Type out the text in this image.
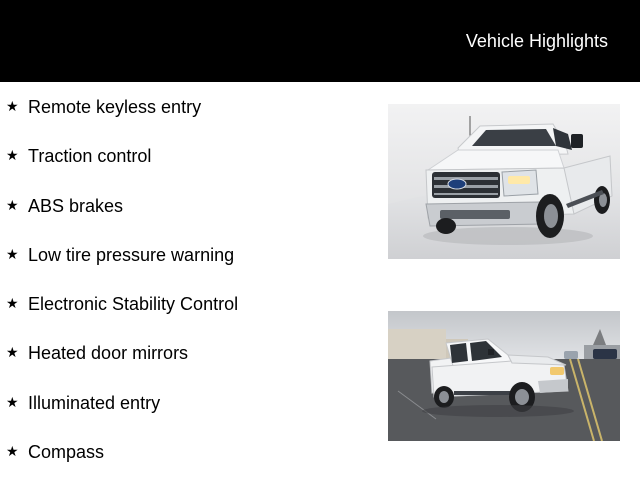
Vehicle Highlights
★ Remote keyless entry
★ Traction control
★ ABS brakes
★ Low tire pressure warning
★ Electronic Stability Control
★ Heated door mirrors
★ Illuminated entry
★ Compass
